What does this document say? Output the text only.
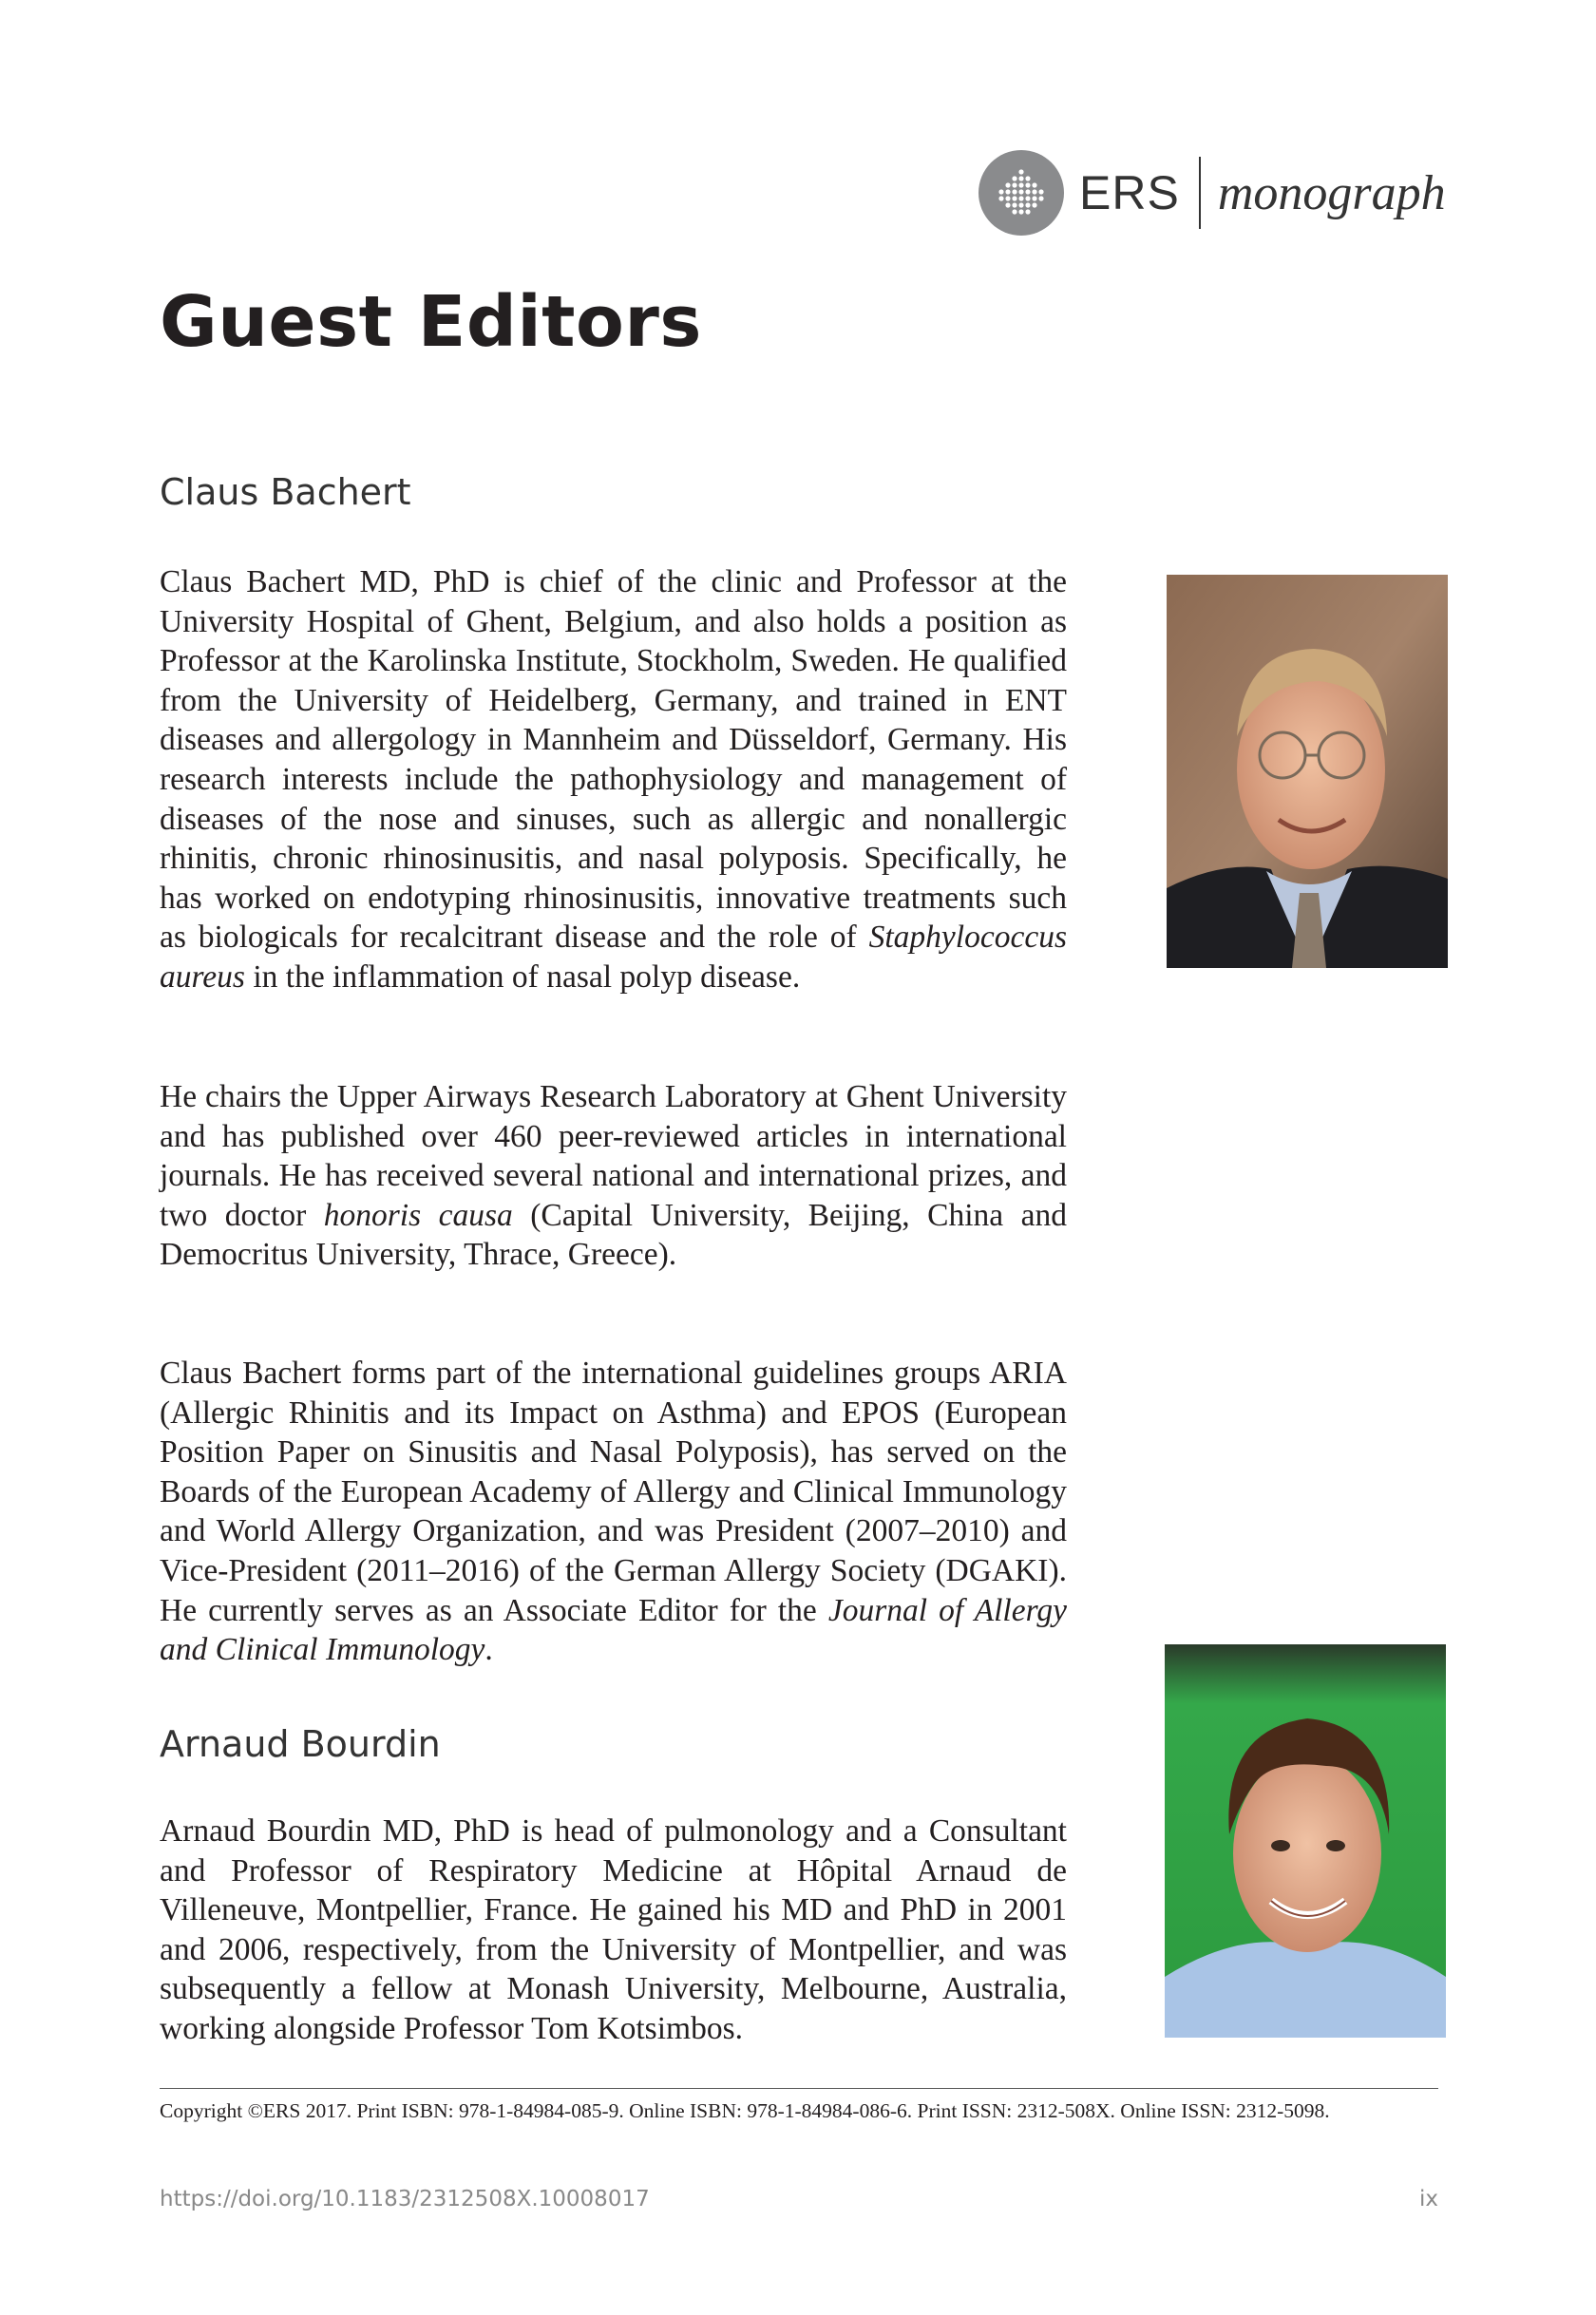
ERS monograph
Guest Editors
Claus Bachert

Claus Bachert MD, PhD is chief of the clinic and Professor at the University Hospital of Ghent, Belgium, and also holds a position as Professor at the Karolinska Institute, Stockholm, Sweden. He qualified from the University of Heidelberg, Germany, and trained in ENT diseases and allergology in Mannheim and Düsseldorf, Germany. His research interests include the pathophysiology and management of diseases of the nose and sinuses, such as allergic and nonallergic rhinitis, chronic rhinosinusitis, and nasal polyposis. Specifically, he has worked on endotyping rhinosinusitis, innovative treatments such as biologicals for recalcitrant disease and the role of Staphylococcus aureus in the inflammation of nasal polyp disease.

He chairs the Upper Airways Research Laboratory at Ghent University and has published over 460 peer-reviewed articles in international journals. He has received several national and international prizes, and two doctor honoris causa (Capital University, Beijing, China and Democritus University, Thrace, Greece).

Claus Bachert forms part of the international guidelines groups ARIA (Allergic Rhinitis and its Impact on Asthma) and EPOS (European Position Paper on Sinusitis and Nasal Polyposis), has served on the Boards of the European Academy of Allergy and Clinical Immunology and World Allergy Organization, and was President (2007–2010) and Vice-President (2011–2016) of the German Allergy Society (DGAKI). He currently serves as an Associate Editor for the Journal of Allergy and Clinical Immunology.

Arnaud Bourdin

Arnaud Bourdin MD, PhD is head of pulmonology and a Consultant and Professor of Respiratory Medicine at Hôpital Arnaud de Villeneuve, Montpellier, France. He gained his MD and PhD in 2001 and 2006, respectively, from the University of Montpellier, and was subsequently a fellow at Monash University, Melbourne, Australia, working alongside Professor Tom Kotsimbos.

Copyright ©ERS 2017. Print ISBN: 978-1-84984-085-9. Online ISBN: 978-1-84984-086-6. Print ISSN: 2312-508X. Online ISSN: 2312-5098.
https://doi.org/10.1183/2312508X.10008017	ix
